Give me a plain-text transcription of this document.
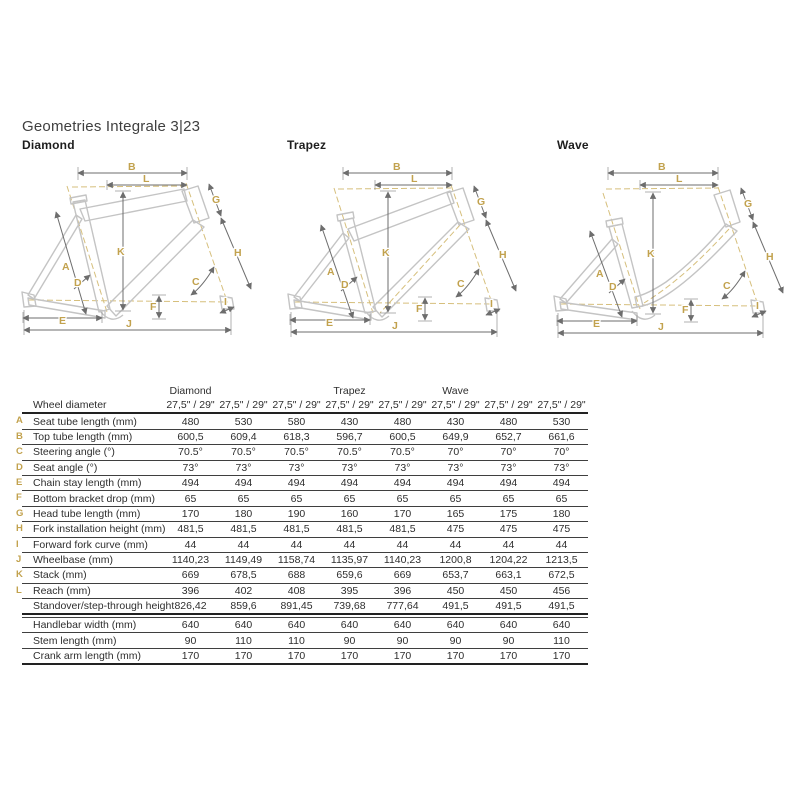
Geometries Integrale 3|23
Diamond	Trapez	Wave
B
L
G
K
A
D
H
C
E
F
J
I
B
L
G
K
A
D
H
C
E
F
J
I
B
L
G
K
A
D
H
C
E
F
J
I
	Diamond			Trapez		Wave		
Wheel diameter	27,5" / 29"	27,5" / 29"	27,5" / 29"	27,5" / 29"	27,5" / 29"	27,5" / 29"	27,5" / 29"	27,5" / 29"

A Seat tube length (mm)	480	530	580	430	480	430	480	530

B Top tube length (mm)	600,5	609,4	618,3	596,7	600,5	649,9	652,7	661,6

C Steering angle (°)	70.5°	70.5°	70.5°	70.5°	70.5°	70°	70°	70°

D Seat angle (°)	73°	73°	73°	73°	73°	73°	73°	73°

E Chain stay length (mm)	494	494	494	494	494	494	494	494

F Bottom bracket drop (mm)	65	65	65	65	65	65	65	65

G Head tube length (mm)	170	180	190	160	170	165	175	180

H Fork installation height (mm)	481,5	481,5	481,5	481,5	481,5	475	475	475

I Forward fork curve (mm)	44	44	44	44	44	44	44	44

J Wheelbase (mm)	1140,23	1149,49	1158,74	1135,97	1140,23	1200,8	1204,22	1213,5

K Stack (mm)	669	678,5	688	659,6	669	653,7	663,1	672,5

L Reach (mm)	396	402	408	395	396	450	450	456

Standover/step-through height	826,42	859,6	891,45	739,68	777,64	491,5	491,5	491,5
Handlebar width (mm)	640	640	640	640	640	640	640	640

Stem length (mm)	90	110	110	90	90	90	90	110

Crank arm length (mm)	170	170	170	170	170	170	170	170
